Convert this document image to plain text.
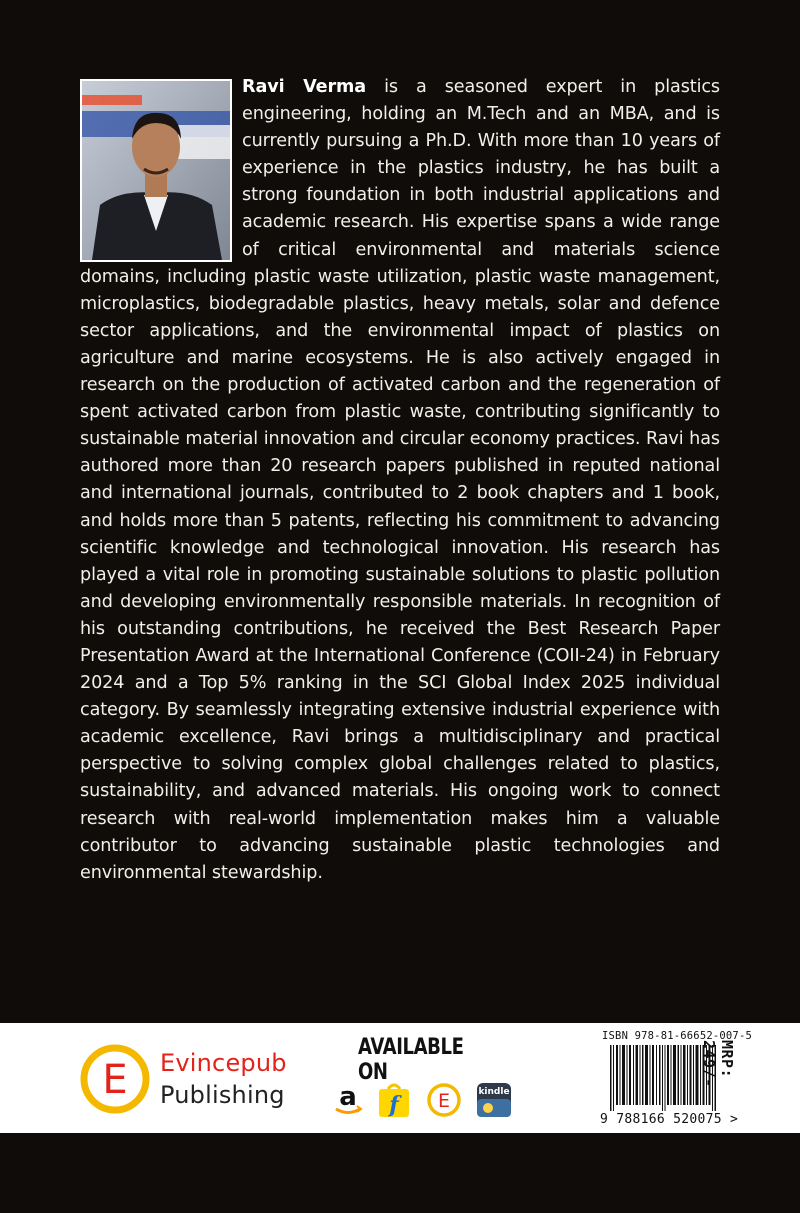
Ravi Verma is a seasoned expert in plastics engineering, holding an M.Tech and an MBA, and is currently pursuing a Ph.D. With more than 10 years of experience in the plastics industry, he has built a strong foundation in both industrial applications and academic research. His expertise spans a wide range of critical environmental and materials science domains, including plastic waste utilization, plastic waste management, microplastics, biodegradable plastics, heavy metals, solar and defence sector applications, and the environmental impact of plastics on agriculture and marine ecosystems. He is also actively engaged in research on the production of activated carbon and the regeneration of spent activated carbon from plastic waste, contributing significantly to sustainable material innovation and circular economy practices. Ravi has authored more than 20 research papers published in reputed national and international journals, contributed to 2 book chapters and 1 book, and holds more than 5 patents, reflecting his commitment to advancing scientific knowledge and technological innovation. His research has played a vital role in promoting sustainable solutions to plastic pollution and developing environmentally responsible materials. In recognition of his outstanding contributions, he received the Best Research Paper Presentation Award at the International Conference (COII-24) in February 2024 and a Top 5% ranking in the SCI Global Index 2025 individual category. By seamlessly integrating extensive industrial experience with academic excellence, Ravi brings a multidisciplinary and practical perspective to solving complex global challenges related to plastics, sustainability, and advanced materials. His ongoing work to connect research with real-world implementation makes him a valuable contributor to advancing sustainable plastic technologies and environmental stewardship.
E Evincepub
Publishing
AVAILABLE ON
a f E	kindle
ISBN 978-81-66652-007-5
9 788166 520075 >
MRP: 249/-
